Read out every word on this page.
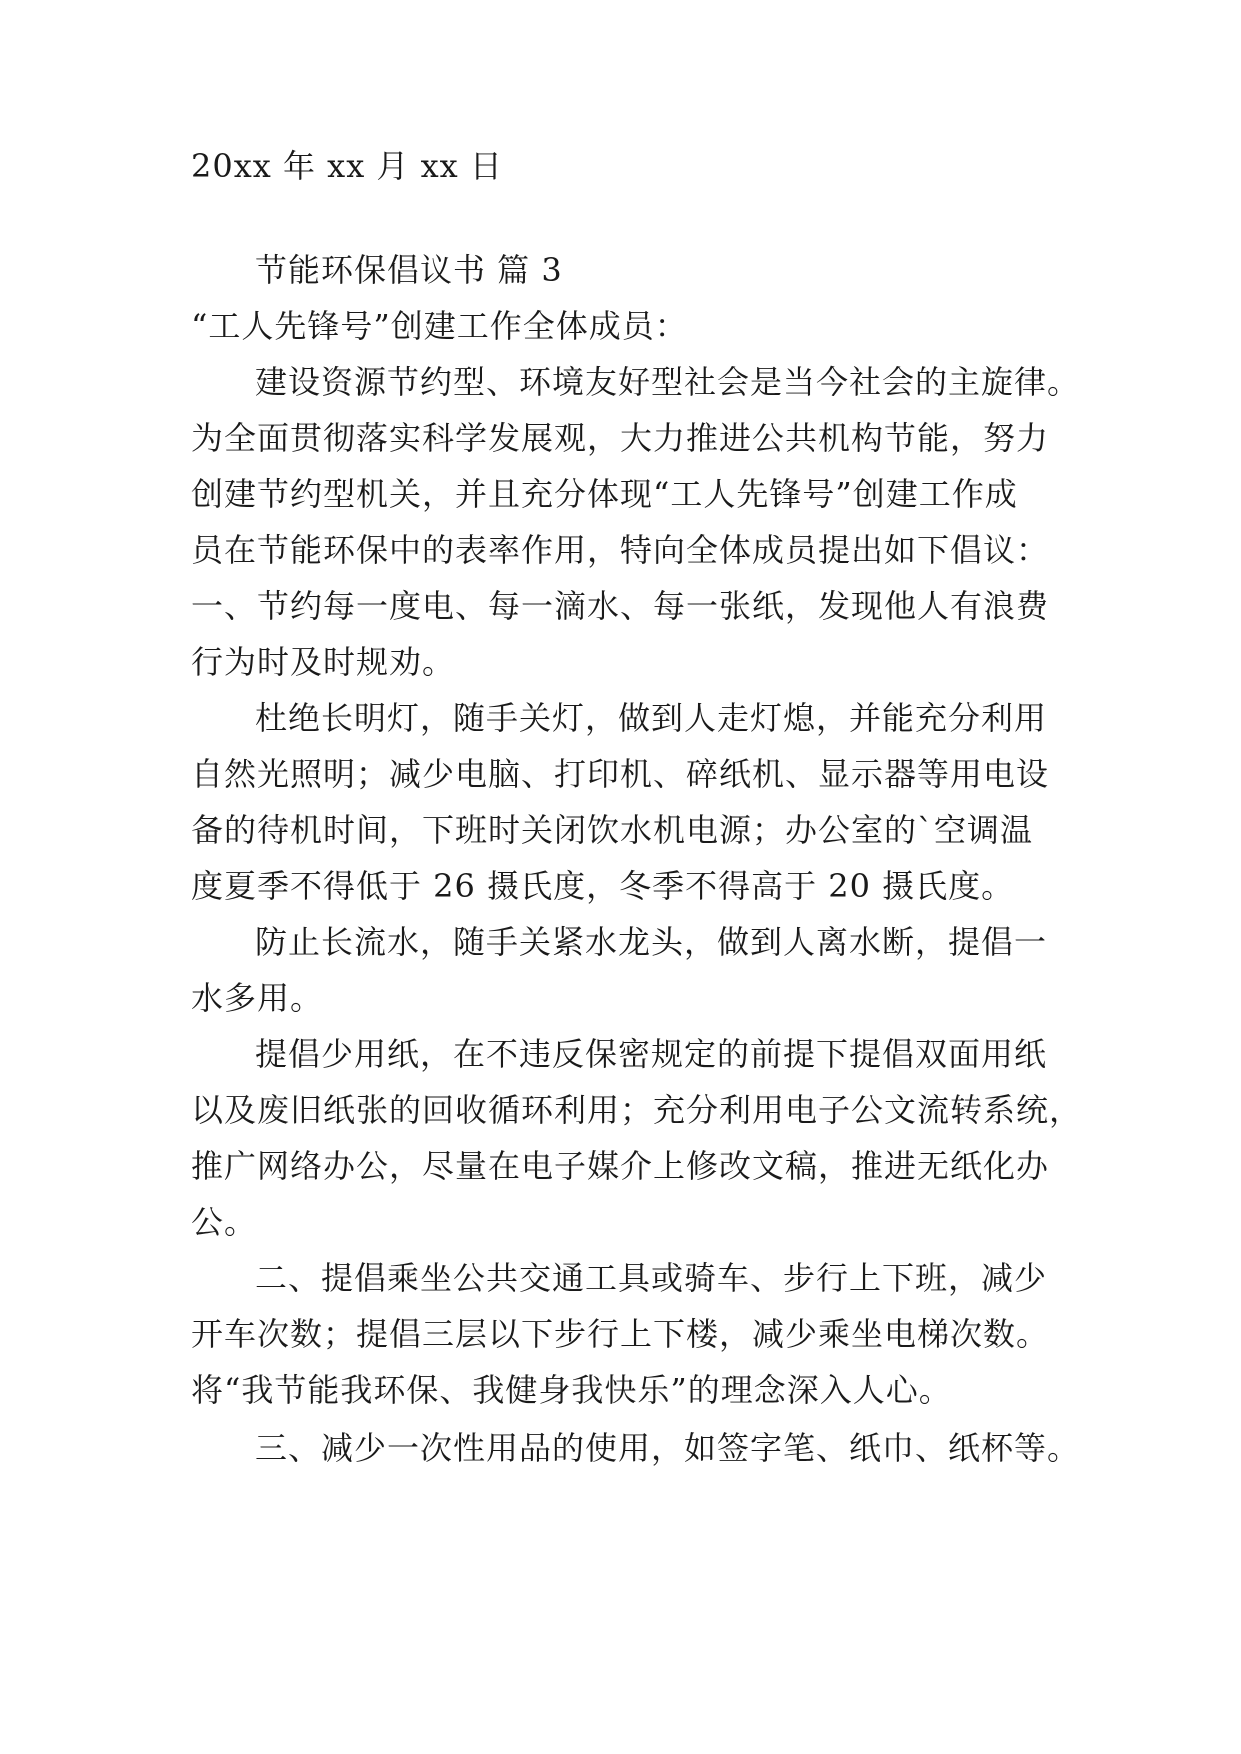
20xx 年 xx 月 xx 日
节能环保倡议书 篇 3
“工人先锋号”创建工作全体成员：
建设资源节约型、环境友好型社会是当今社会的主旋律。
为全面贯彻落实科学发展观，大力推进公共机构节能，努力
创建节约型机关，并且充分体现“工人先锋号”创建工作成
员在节能环保中的表率作用，特向全体成员提出如下倡议：
一、节约每一度电、每一滴水、每一张纸，发现他人有浪费
行为时及时规劝。
杜绝长明灯，随手关灯，做到人走灯熄，并能充分利用
自然光照明；减少电脑、打印机、碎纸机、显示器等用电设
备的待机时间，下班时关闭饮水机电源；办公室的`空调温
度夏季不得低于 26 摄氏度，冬季不得高于 20 摄氏度。
防止长流水，随手关紧水龙头，做到人离水断，提倡一
水多用。
提倡少用纸，在不违反保密规定的前提下提倡双面用纸
以及废旧纸张的回收循环利用；充分利用电子公文流转系统，
推广网络办公，尽量在电子媒介上修改文稿，推进无纸化办
公。
二、提倡乘坐公共交通工具或骑车、步行上下班，减少
开车次数；提倡三层以下步行上下楼，减少乘坐电梯次数。
将“我节能我环保、我健身我快乐”的理念深入人心。
三、减少一次性用品的使用，如签字笔、纸巾、纸杯等。
